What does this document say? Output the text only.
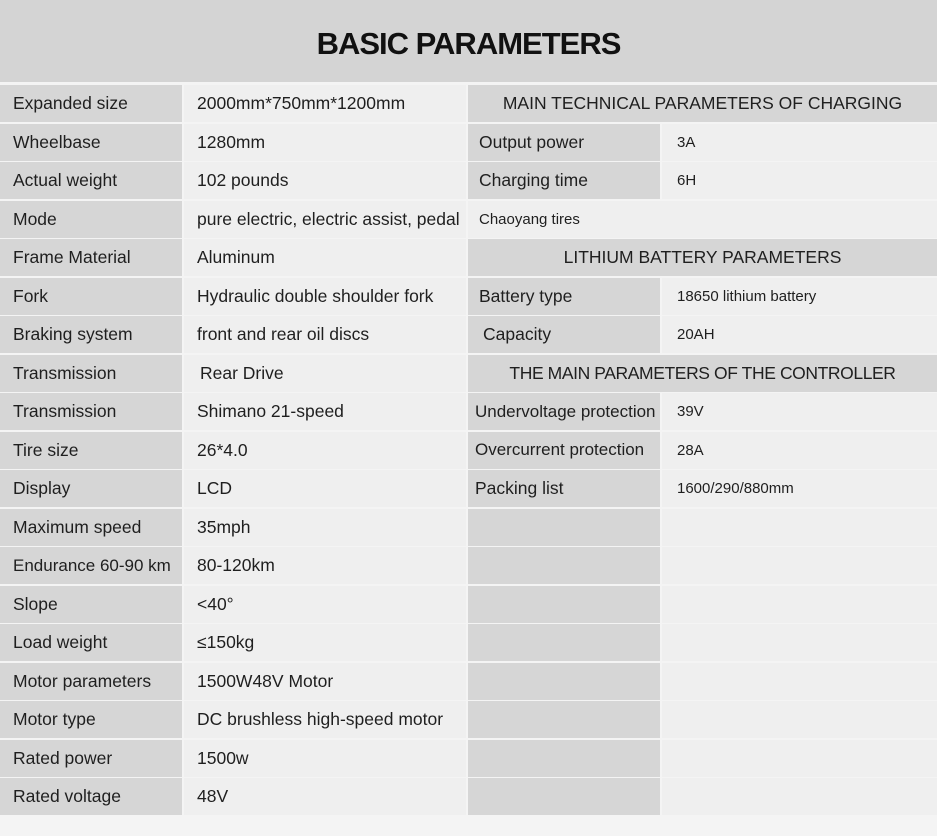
BASIC PARAMETERS
Expanded size	2000mm*750mm*1200mm	MAIN TECHNICAL PARAMETERS OF CHARGING
Wheelbase	1280mm	Output power	3A
Actual weight	102 pounds	Charging time	6H
Mode	pure electric, electric assist, pedal	Chaoyang tires
Frame Material	Aluminum	LITHIUM BATTERY PARAMETERS
Fork	Hydraulic double shoulder fork	Battery type	18650 lithium battery
Braking system	front and rear oil discs	Capacity	20AH
Transmission	Rear Drive	THE MAIN PARAMETERS OF THE CONTROLLER
Transmission	Shimano 21-speed	Undervoltage protection	39V
Tire size	26*4.0	Overcurrent protection	28A
Display	LCD	Packing list	1600/290/880mm
Maximum speed	35mph
Endurance 60-90 km	80-120km
Slope	<40°
Load weight	≤150kg
Motor parameters	1500W48V Motor
Motor type	DC brushless high-speed motor
Rated power	1500w
Rated voltage	48V
